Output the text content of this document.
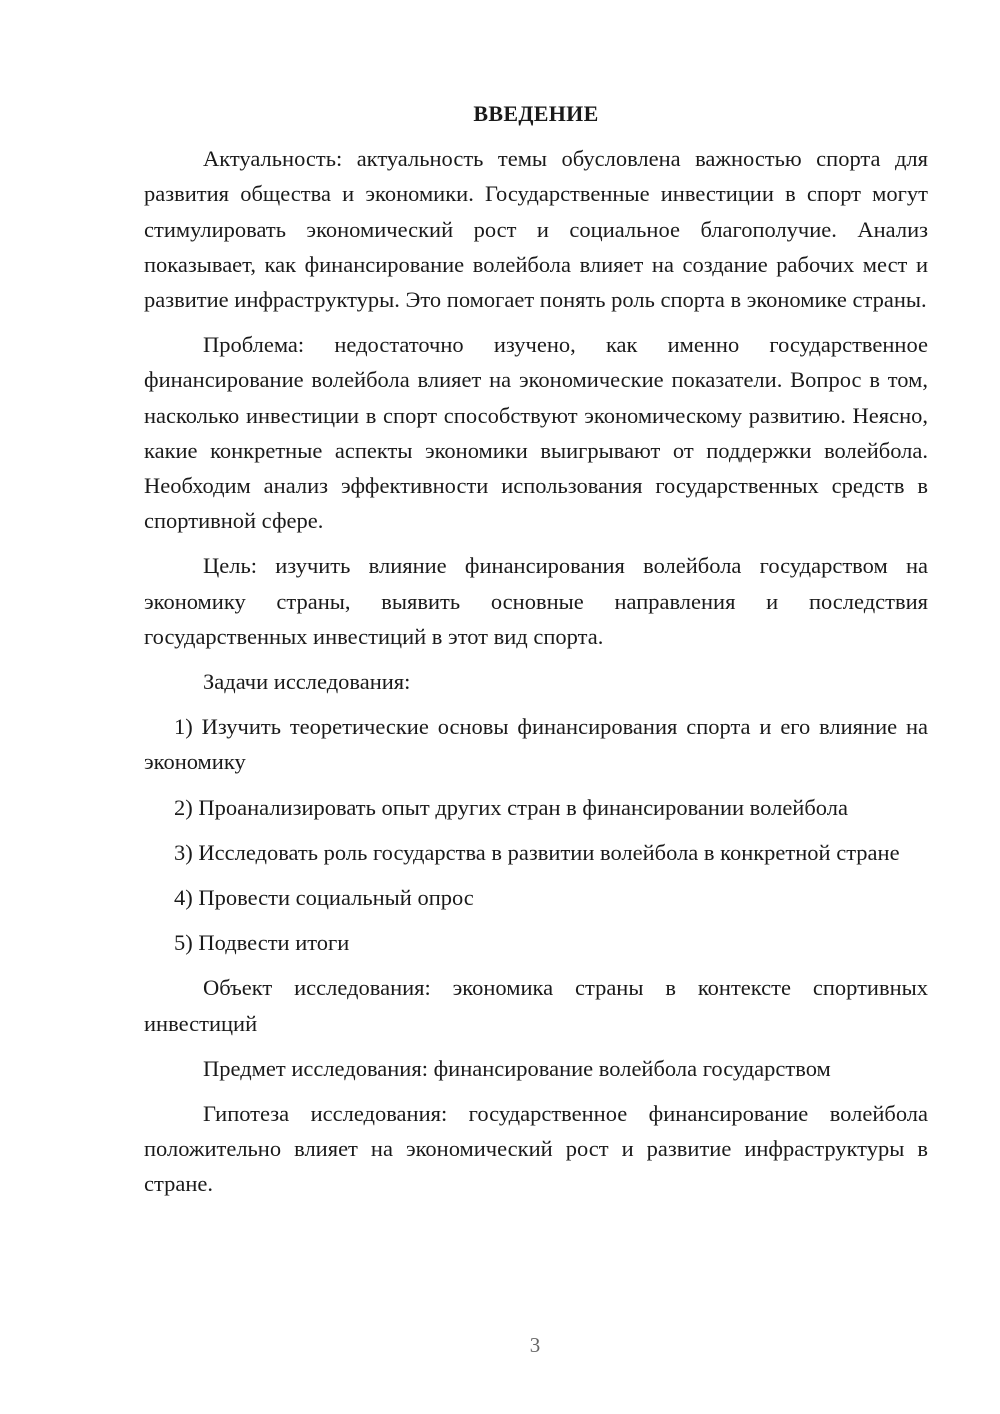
ВВЕДЕНИЕ

Актуальность: актуальность темы обусловлена важностью спорта для развития общества и экономики. Государственные инвестиции в спорт могут стимулировать экономический рост и социальное благополучие. Анализ показывает, как финансирование волейбола влияет на создание рабочих мест и развитие инфраструктуры. Это помогает понять роль спорта в экономике страны.

Проблема: недостаточно изучено, как именно государственное финансирование волейбола влияет на экономические показатели. Вопрос в том, насколько инвестиции в спорт способствуют экономическому развитию. Неясно, какие конкретные аспекты экономики выигрывают от поддержки волейбола. Необходим анализ эффективности использования государственных средств в спортивной сфере.

Цель: изучить влияние финансирования волейбола государством на экономику страны, выявить основные направления и последствия государственных инвестиций в этот вид спорта.

Задачи исследования:

1) Изучить теоретические основы финансирования спорта и его влияние на экономику

2) Проанализировать опыт других стран в финансировании волейбола

3) Исследовать роль государства в развитии волейбола в конкретной стране

4) Провести социальный опрос

5) Подвести итоги

Объект исследования: экономика страны в контексте спортивных инвестиций

Предмет исследования: финансирование волейбола государством

Гипотеза исследования: государственное финансирование волейбола положительно влияет на экономический рост и развитие инфраструктуры в стране.

3
